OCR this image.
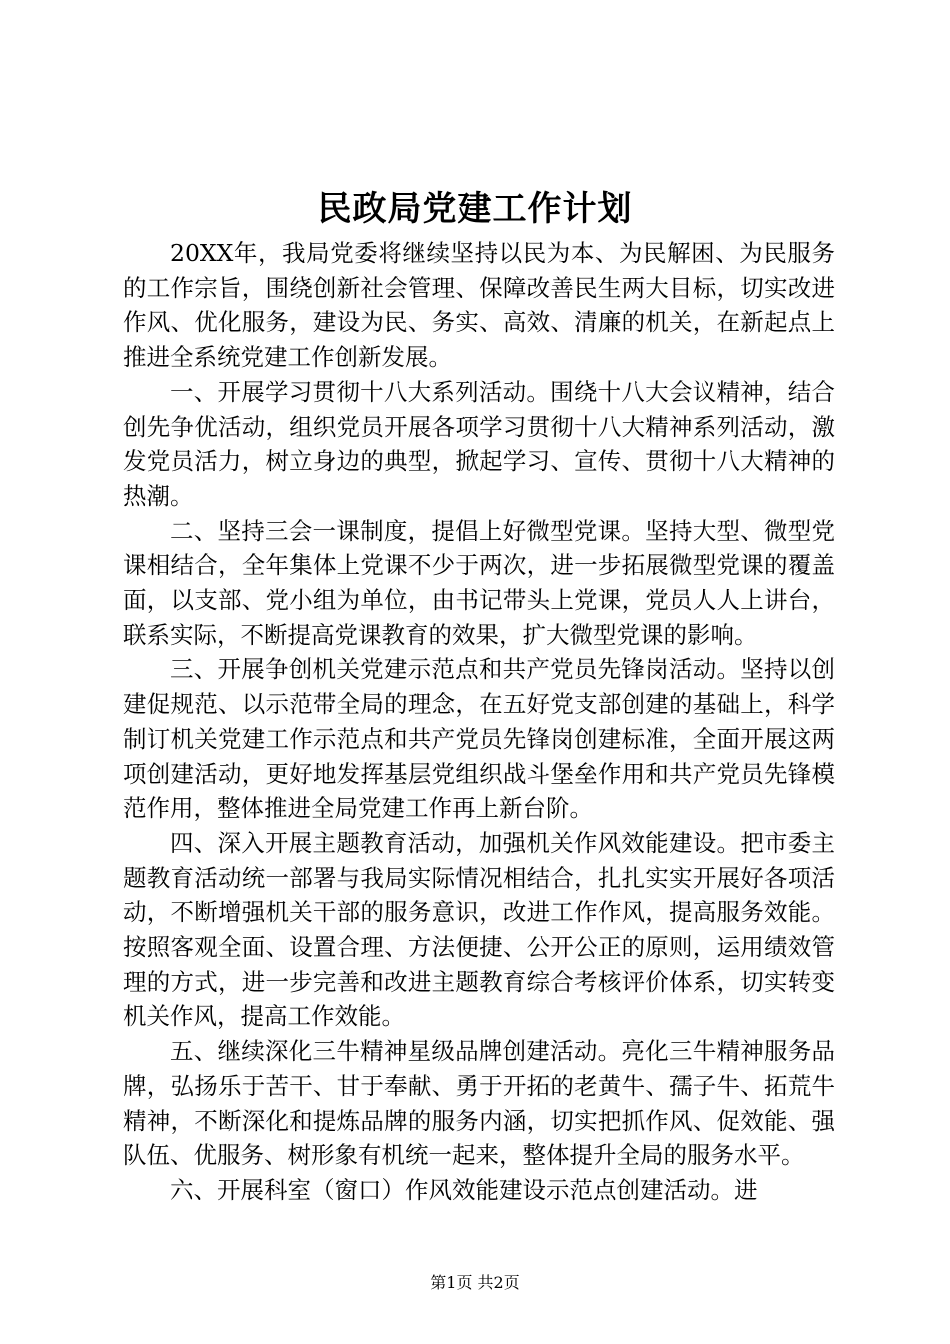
民政局党建工作计划

20XX年，我局党委将继续坚持以民为本、为民解困、为民服务的工作宗旨，围绕创新社会管理、保障改善民生两大目标，切实改进作风、优化服务，建设为民、务实、高效、清廉的机关，在新起点上推进全系统党建工作创新发展。

一、开展学习贯彻十八大系列活动。围绕十八大会议精神，结合创先争优活动，组织党员开展各项学习贯彻十八大精神系列活动，激发党员活力，树立身边的典型，掀起学习、宣传、贯彻十八大精神的热潮。

二、坚持三会一课制度，提倡上好微型党课。坚持大型、微型党课相结合，全年集体上党课不少于两次，进一步拓展微型党课的覆盖面，以支部、党小组为单位，由书记带头上党课，党员人人上讲台，联系实际，不断提高党课教育的效果，扩大微型党课的影响。

三、开展争创机关党建示范点和共产党员先锋岗活动。坚持以创建促规范、以示范带全局的理念，在五好党支部创建的基础上，科学制订机关党建工作示范点和共产党员先锋岗创建标准，全面开展这两项创建活动，更好地发挥基层党组织战斗堡垒作用和共产党员先锋模范作用，整体推进全局党建工作再上新台阶。

四、深入开展主题教育活动，加强机关作风效能建设。把市委主题教育活动统一部署与我局实际情况相结合，扎扎实实开展好各项活动，不断增强机关干部的服务意识，改进工作作风，提高服务效能。按照客观全面、设置合理、方法便捷、公开公正的原则，运用绩效管理的方式，进一步完善和改进主题教育综合考核评价体系，切实转变机关作风，提高工作效能。

五、继续深化三牛精神星级品牌创建活动。亮化三牛精神服务品牌，弘扬乐于苦干、甘于奉献、勇于开拓的老黄牛、孺子牛、拓荒牛精神，不断深化和提炼品牌的服务内涵，切实把抓作风、促效能、强队伍、优服务、树形象有机统一起来，整体提升全局的服务水平。

六、开展科室（窗口）作风效能建设示范点创建活动。进

第1页 共2页
